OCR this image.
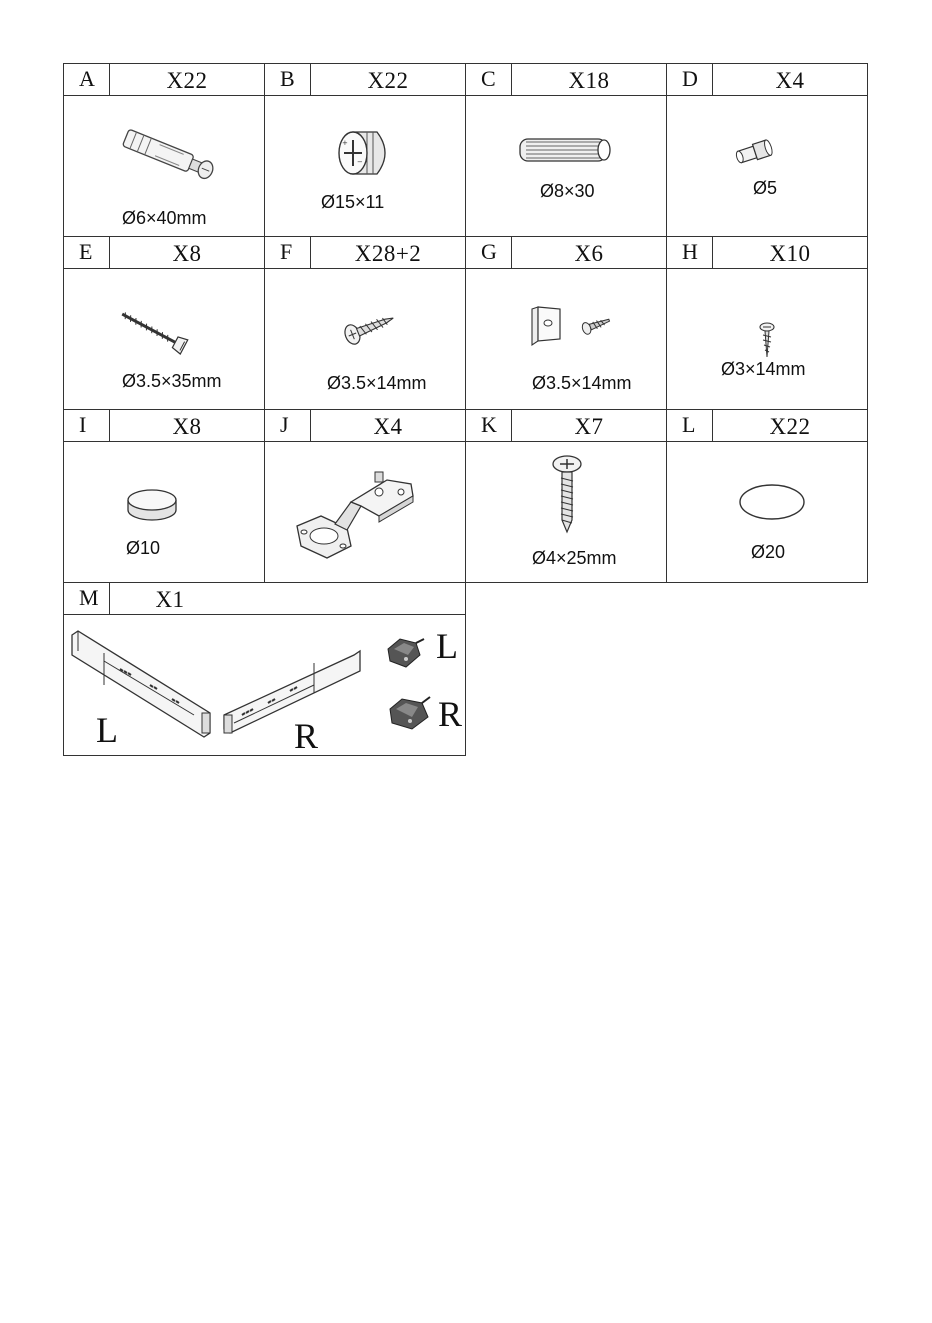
A	X22
Ø6×40mm
B	X22
+
−
Ø15×11
C	X18
Ø8×30
D	X4
Ø5
E	X8
Ø3.5×35mm
F	X28+2
Ø3.5×14mm
G	X6
Ø3.5×14mm
H	X10
Ø3×14mm
I	X8
Ø10
J	X4	K	X7
Ø4×25mm
L	X22
Ø20
M	X1
L	R
L
R
